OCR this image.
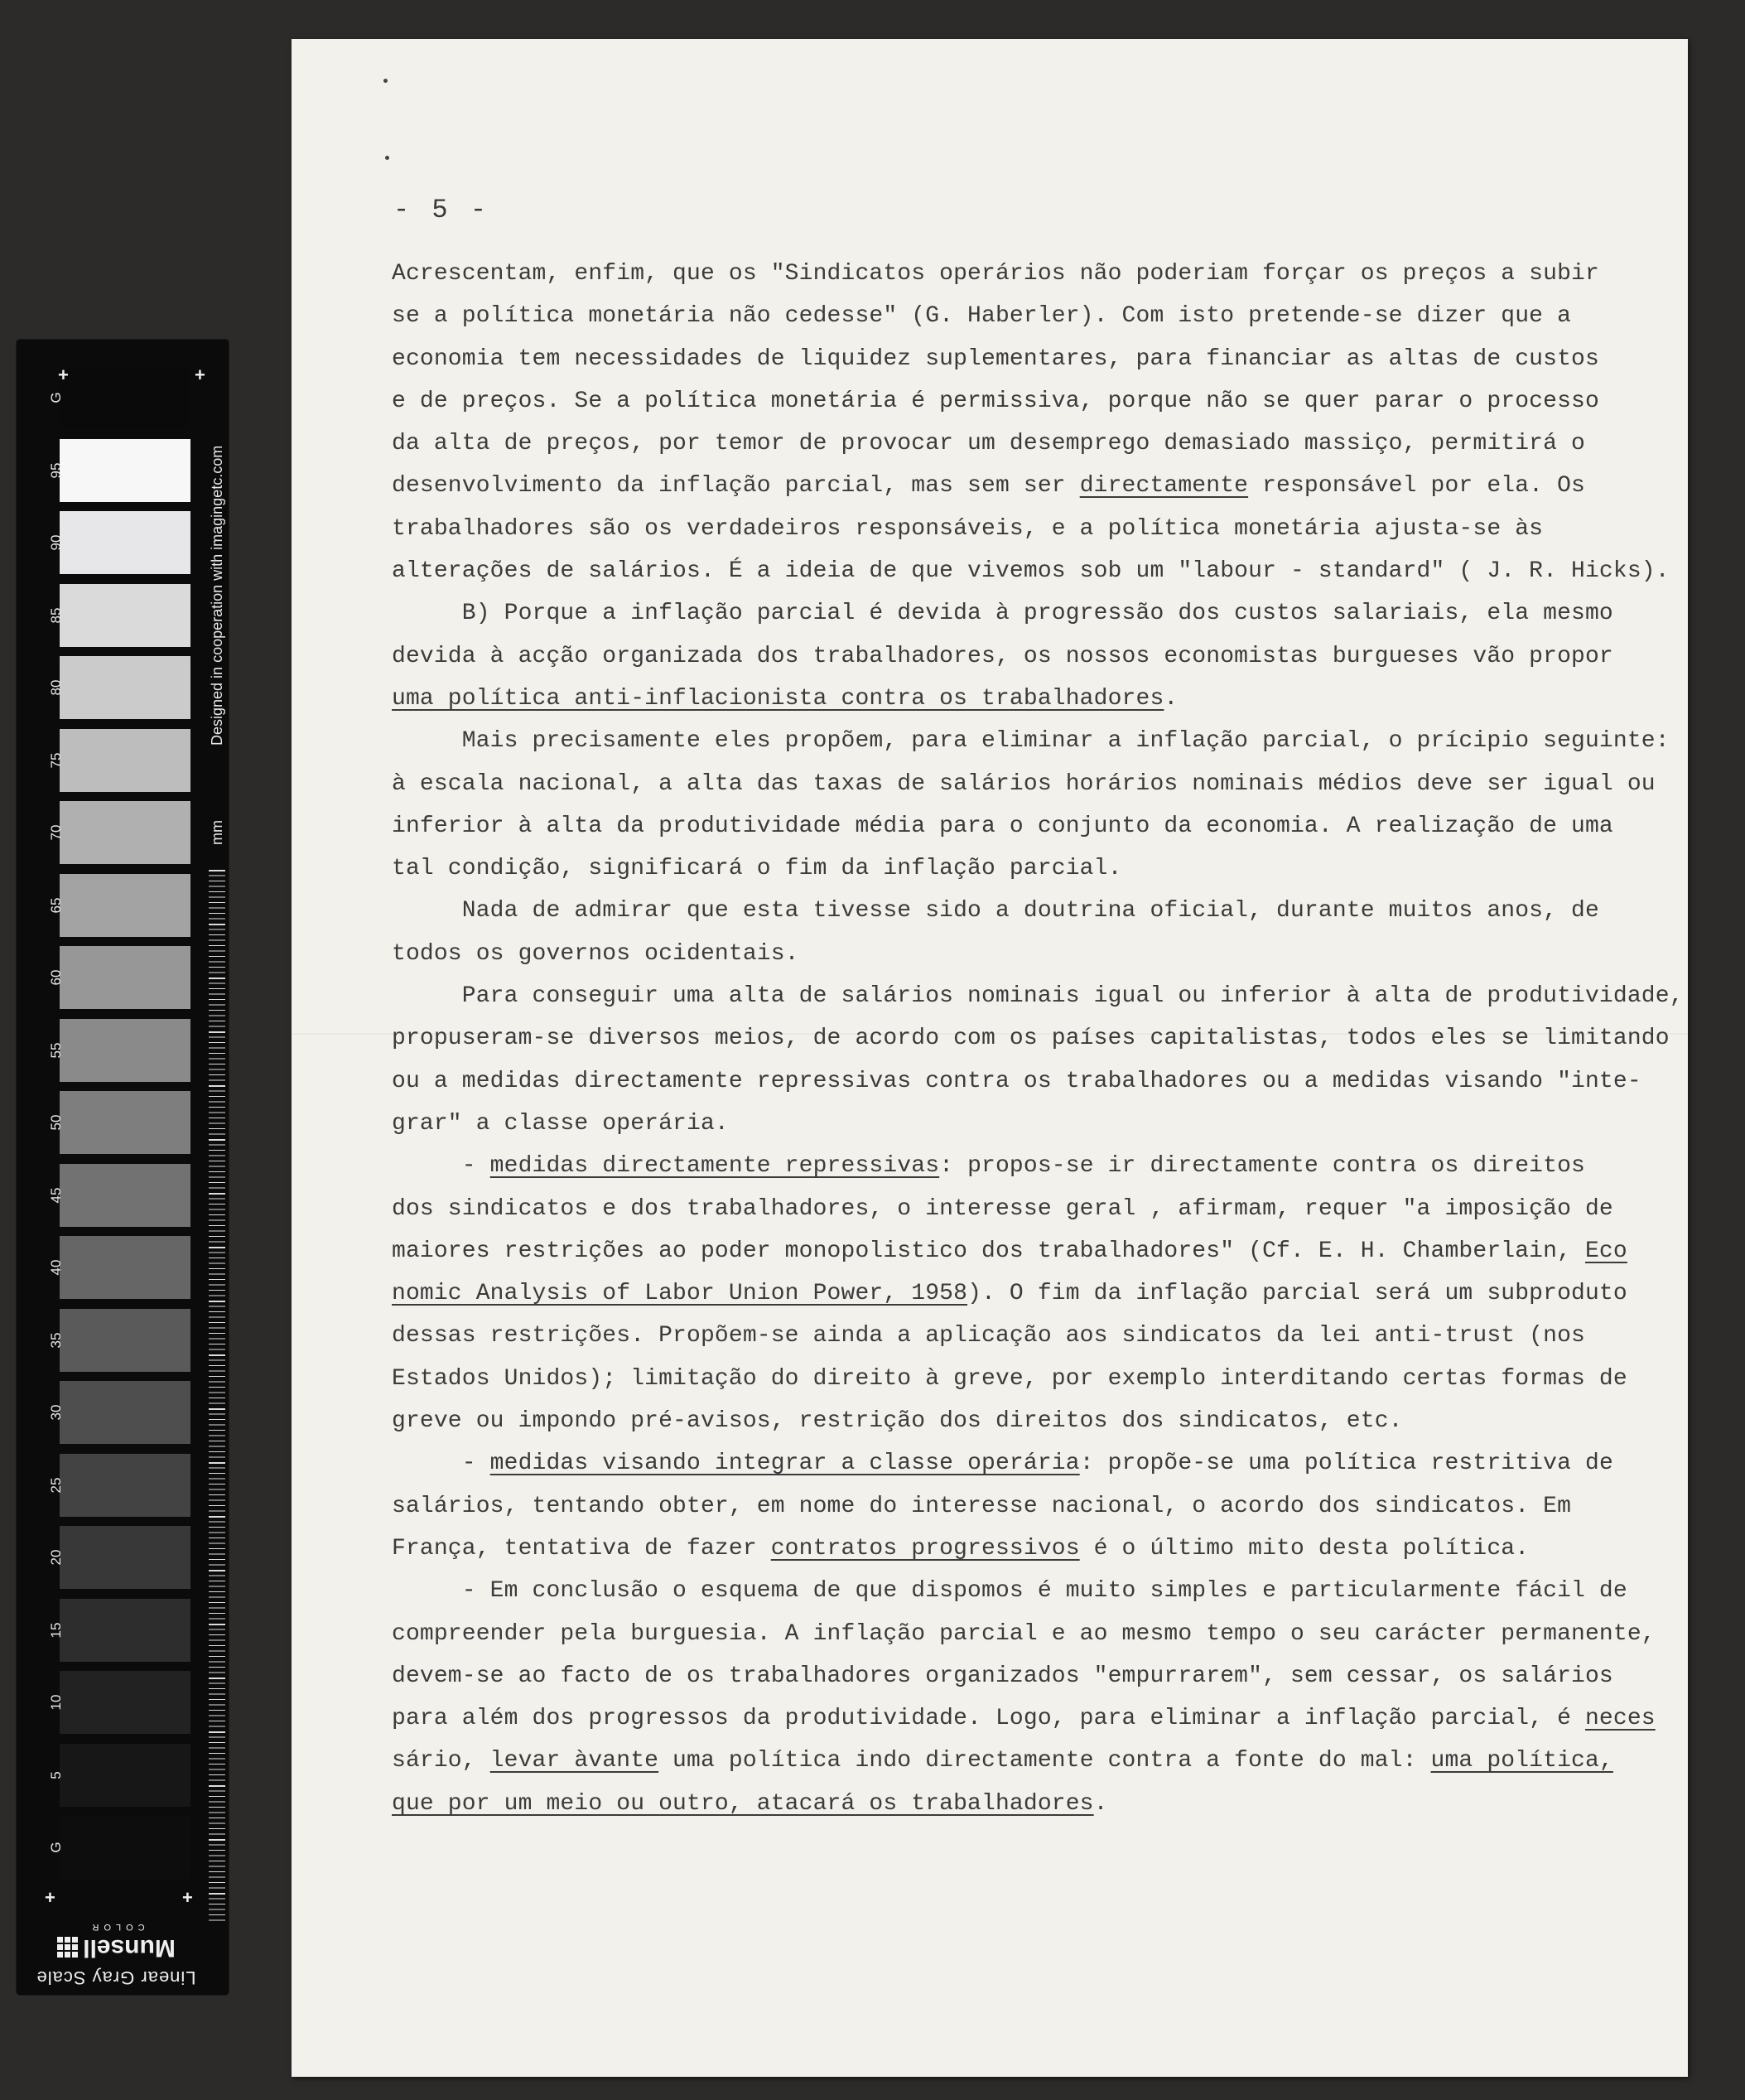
G
95
90
85
80
75
70
65
60
55
50
45
40
35
30
25
20
15
10
5
G
+	+
+	+
Designed in cooperation with imagingetc.com
mm
Linear Gray Scale
Munsell
COLOR
- 5 -
Acrescentam, enfim, que os "Sindicatos operários não poderiam forçar os preços a subir
se a política monetária não cedesse" (G. Haberler). Com isto pretende-se dizer que a
economia tem necessidades de liquidez suplementares, para financiar as altas de custos
e de preços. Se a política monetária é permissiva, porque não se quer parar o processo
da alta de preços, por temor de provocar um desemprego demasiado massiço, permitirá o
desenvolvimento da inflação parcial, mas sem ser directamente responsável por ela. Os
trabalhadores são os verdadeiros responsáveis, e a política monetária ajusta-se às
alterações de salários. É a ideia de que vivemos sob um "labour - standard" ( J. R. Hicks).
B) Porque a inflação parcial é devida à progressão dos custos salariais, ela mesmo
devida à acção organizada dos trabalhadores, os nossos economistas burgueses vão propor
uma política anti-inflacionista contra os trabalhadores.
Mais precisamente eles propõem, para eliminar a inflação parcial, o prícipio seguinte:
à escala nacional, a alta das taxas de salários horários nominais médios deve ser igual ou
inferior à alta da produtividade média para o conjunto da economia. A realização de uma
tal condição, significará o fim da inflação parcial.
Nada de admirar que esta tivesse sido a doutrina oficial, durante muitos anos, de
todos os governos ocidentais.
Para conseguir uma alta de salários nominais igual ou inferior à alta de produtividade,
propuseram-se diversos meios, de acordo com os países capitalistas, todos eles se limitando
ou a medidas directamente repressivas contra os trabalhadores ou a medidas visando "inte-
grar" a classe operária.
- medidas directamente repressivas: propos-se ir directamente contra os direitos
dos sindicatos e dos trabalhadores, o interesse geral , afirmam, requer "a imposição de
maiores restrições ao poder monopolistico dos trabalhadores" (Cf. E. H. Chamberlain, Eco
nomic Analysis of Labor Union Power, 1958). O fim da inflação parcial será um subproduto
dessas restrições. Propõem-se ainda a aplicação aos sindicatos da lei anti-trust (nos
Estados Unidos); limitação do direito à greve, por exemplo interditando certas formas de
greve ou impondo pré-avisos, restrição dos direitos dos sindicatos, etc.
- medidas visando integrar a classe operária: propõe-se uma política restritiva de
salários, tentando obter, em nome do interesse nacional, o acordo dos sindicatos. Em
França, tentativa de fazer contratos progressivos é o último mito desta política.
- Em conclusão o esquema de que dispomos é muito simples e particularmente fácil de
compreender pela burguesia. A inflação parcial e ao mesmo tempo o seu carácter permanente,
devem-se ao facto de os trabalhadores organizados "empurrarem", sem cessar, os salários
para além dos progressos da produtividade. Logo, para eliminar a inflação parcial, é neces
sário, levar àvante uma política indo directamente contra a fonte do mal: uma política,
que por um meio ou outro, atacará os trabalhadores.
